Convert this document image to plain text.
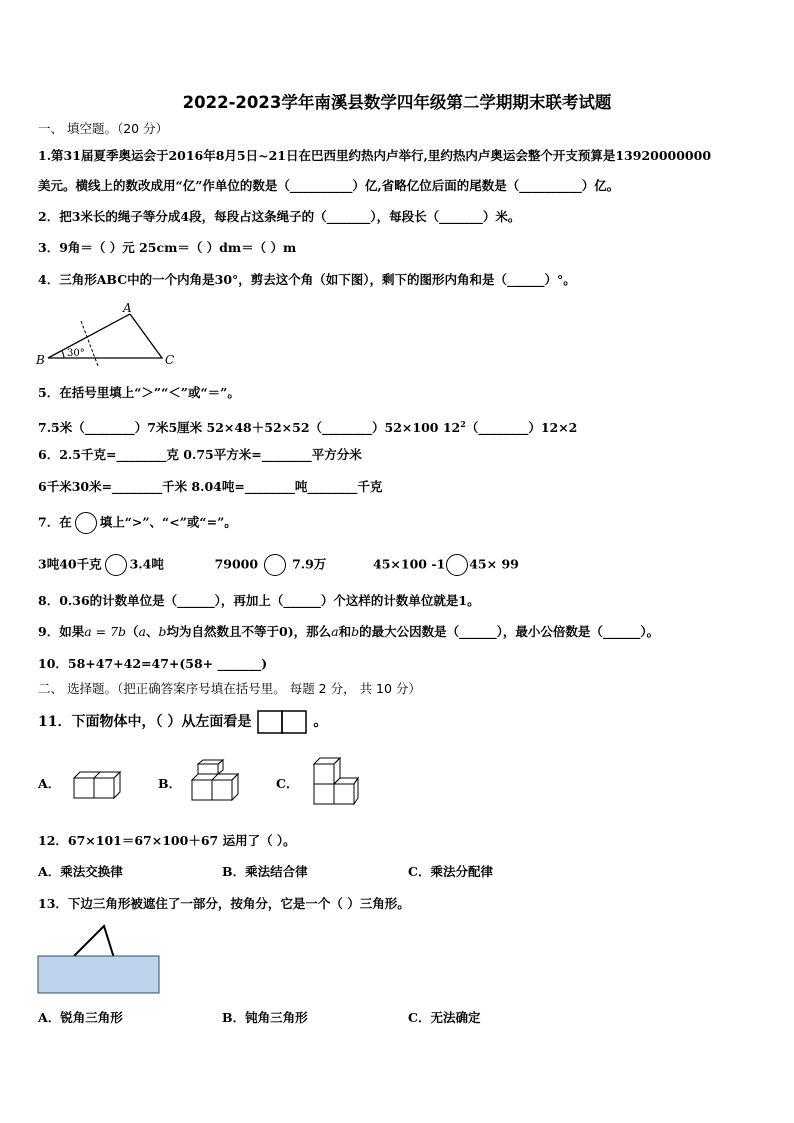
2022-2023学年南溪县数学四年级第二学期期末联考试题
一、 填空题。（20 分）
1.第31届夏季奥运会于2016年8月5日~21日在巴西里约热内卢举行,里约热内卢奥运会整个开支预算是13920000000
美元。横线上的数改成用“亿”作单位的数是（__________）亿,省略亿位后面的尾数是（__________）亿。
2．把3米长的绳子等分成4段，每段占这条绳子的（_______），每段长（_______）米。
3．9角＝（ ）元 25cm＝（ ）dm＝（ ）m
4．三角形ABC中的一个内角是30°，剪去这个角（如下图），剩下的图形内角和是（______）°。
A
B	C
30°
5．在括号里填上“＞”“＜”或“＝”。
7.5米（________）7米5厘米 52×48＋52×52（________）52×100 $12^2(\_\_\_\_\_\_\_\_)12\times 2$
6．2.5千克=________克 0.75平方米=________平方分米
6千米30米=________千米 8.04吨=________吨________千克
7．在 填上“>”、“<”或“=”。
3吨40千克 3.4吨	79000	7.9万	45×100 -1 45× 99
8．0.36的计数单位是（______），再加上（______）个这样的计数单位就是1。
9．如果a = 7b（a、b均为自然数且不等于0)，那么a和b的最大公因数是（______），最小公倍数是（______）。
10．58+47+42=47+(58+ _______)
二、 选择题。（把正确答案序号填在括号里。 每题 2 分， 共 10 分）
11．下面物体中，（ ）从左面看是	。
A．	B．	C．
12．67×101＝67×100＋67 运用了（ ）。
A．乘法交换律	B．乘法结合律	C．乘法分配律
13．下边三角形被遮住了一部分，按角分，它是一个（ ）三角形。
A．锐角三角形	B．钝角三角形	C．无法确定
